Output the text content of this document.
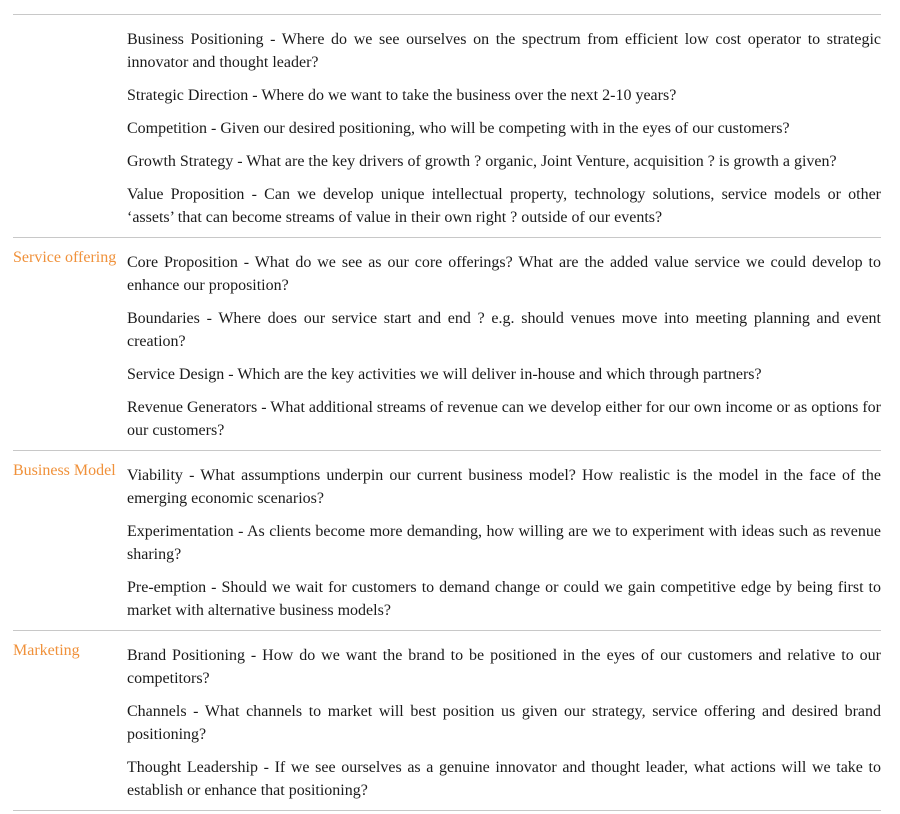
	Business Positioning - Where do we see ourselves on the spectrum from efficient low cost operator to strategic innovator and thought leader?

Strategic Direction - Where do we want to take the business over the next 2-10 years?

Competition - Given our desired positioning, who will be competing with in the eyes of our customers?

Growth Strategy - What are the key drivers of growth ? organic, Joint Venture, acquisition ? is growth a given?

Value Proposition - Can we develop unique intellectual property, technology solutions, service models or other ‘assets’ that can become streams of value in their own right ? outside of our events?

Service offering	Core Proposition - What do we see as our core offerings? What are the added value service we could develop to enhance our proposition?

Boundaries - Where does our service start and end ? e.g. should venues move into meeting planning and event creation?

Service Design - Which are the key activities we will deliver in-house and which through partners?

Revenue Generators - What additional streams of revenue can we develop either for our own income or as options for our customers?

Business Model	Viability - What assumptions underpin our current business model? How realistic is the model in the face of the emerging economic scenarios?

Experimentation - As clients become more demanding, how willing are we to experiment with ideas such as revenue sharing?

Pre-emption - Should we wait for customers to demand change or could we gain competitive edge by being first to market with alternative business models?

Marketing	Brand Positioning - How do we want the brand to be positioned in the eyes of our customers and relative to our competitors?

Channels - What channels to market will best position us given our strategy, service offering and desired brand positioning?

Thought Leadership - If we see ourselves as a genuine innovator and thought leader, what actions will we take to establish or enhance that positioning?
